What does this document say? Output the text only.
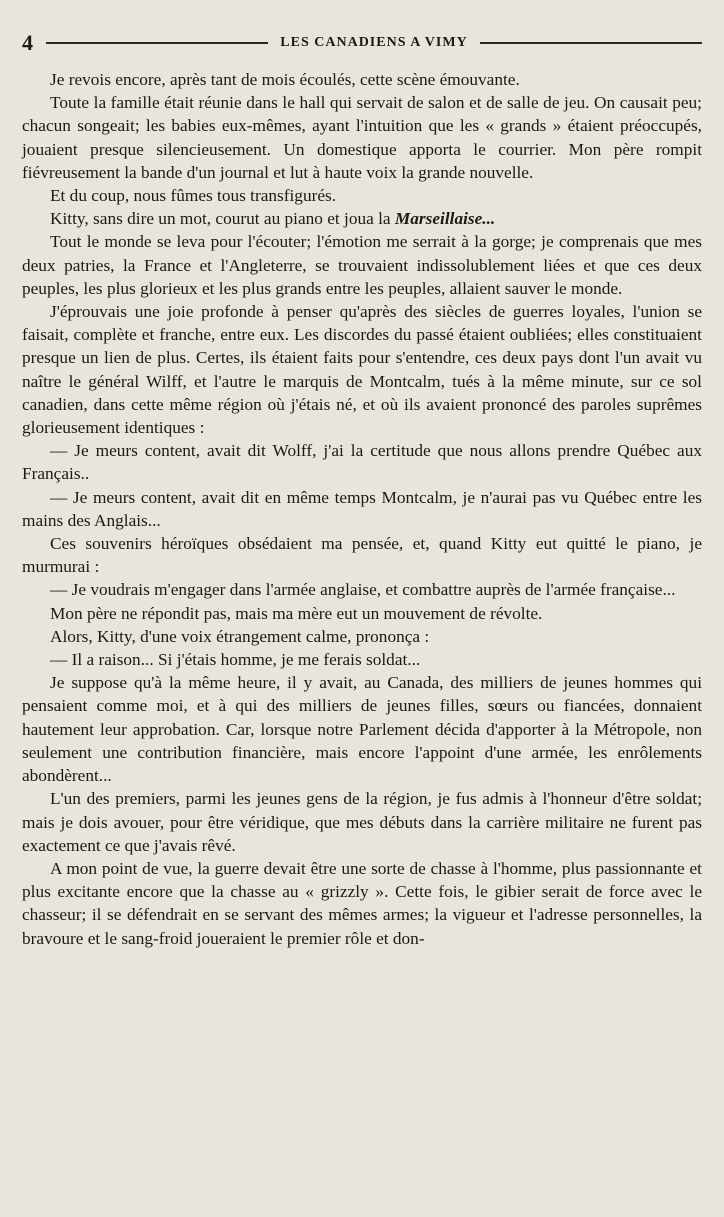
4	LES CANADIENS A VIMY

Je revois encore, après tant de mois écoulés, cette scène émouvante.

Toute la famille était réunie dans le hall qui servait de salon et de salle de jeu. On causait peu; chacun songeait; les babies eux-mêmes, ayant l'intuition que les « grands » étaient préoccupés, jouaient presque silencieusement. Un domestique apporta le courrier. Mon père rompit fiévreusement la bande d'un journal et lut à haute voix la grande nouvelle.

Et du coup, nous fûmes tous transfigurés.

Kitty, sans dire un mot, courut au piano et joua la Marseillaise...

Tout le monde se leva pour l'écouter; l'émotion me serrait à la gorge; je comprenais que mes deux patries, la France et l'Angleterre, se trouvaient indissolublement liées et que ces deux peuples, les plus glorieux et les plus grands entre les peuples, allaient sauver le monde.

J'éprouvais une joie profonde à penser qu'après des siècles de guerres loyales, l'union se faisait, complète et franche, entre eux. Les discordes du passé étaient oubliées; elles constituaient presque un lien de plus. Certes, ils étaient faits pour s'entendre, ces deux pays dont l'un avait vu naître le général Wilff, et l'autre le marquis de Montcalm, tués à la même minute, sur ce sol canadien, dans cette même région où j'étais né, et où ils avaient prononcé des paroles suprêmes glorieusement identiques :

— Je meurs content, avait dit Wolff, j'ai la certitude que nous allons prendre Québec aux Français..

— Je meurs content, avait dit en même temps Montcalm, je n'aurai pas vu Québec entre les mains des Anglais...

Ces souvenirs héroïques obsédaient ma pensée, et, quand Kitty eut quitté le piano, je murmurai :

— Je voudrais m'engager dans l'armée anglaise, et combattre auprès de l'armée française...

Mon père ne répondit pas, mais ma mère eut un mouvement de révolte.

Alors, Kitty, d'une voix étrangement calme, prononça :

— Il a raison... Si j'étais homme, je me ferais soldat...

Je suppose qu'à la même heure, il y avait, au Canada, des milliers de jeunes hommes qui pensaient comme moi, et à qui des milliers de jeunes filles, sœurs ou fiancées, donnaient hautement leur approbation. Car, lorsque notre Parlement décida d'apporter à la Métropole, non seulement une contribution financière, mais encore l'appoint d'une armée, les enrôlements abondèrent...

L'un des premiers, parmi les jeunes gens de la région, je fus admis à l'honneur d'être soldat; mais je dois avouer, pour être véridique, que mes débuts dans la carrière militaire ne furent pas exactement ce que j'avais rêvé.

A mon point de vue, la guerre devait être une sorte de chasse à l'homme, plus passionnante et plus excitante encore que la chasse au « grizzly ». Cette fois, le gibier serait de force avec le chasseur; il se défendrait en se servant des mêmes armes; la vigueur et l'adresse personnelles, la bravoure et le sang-froid joueraient le premier rôle et don-
